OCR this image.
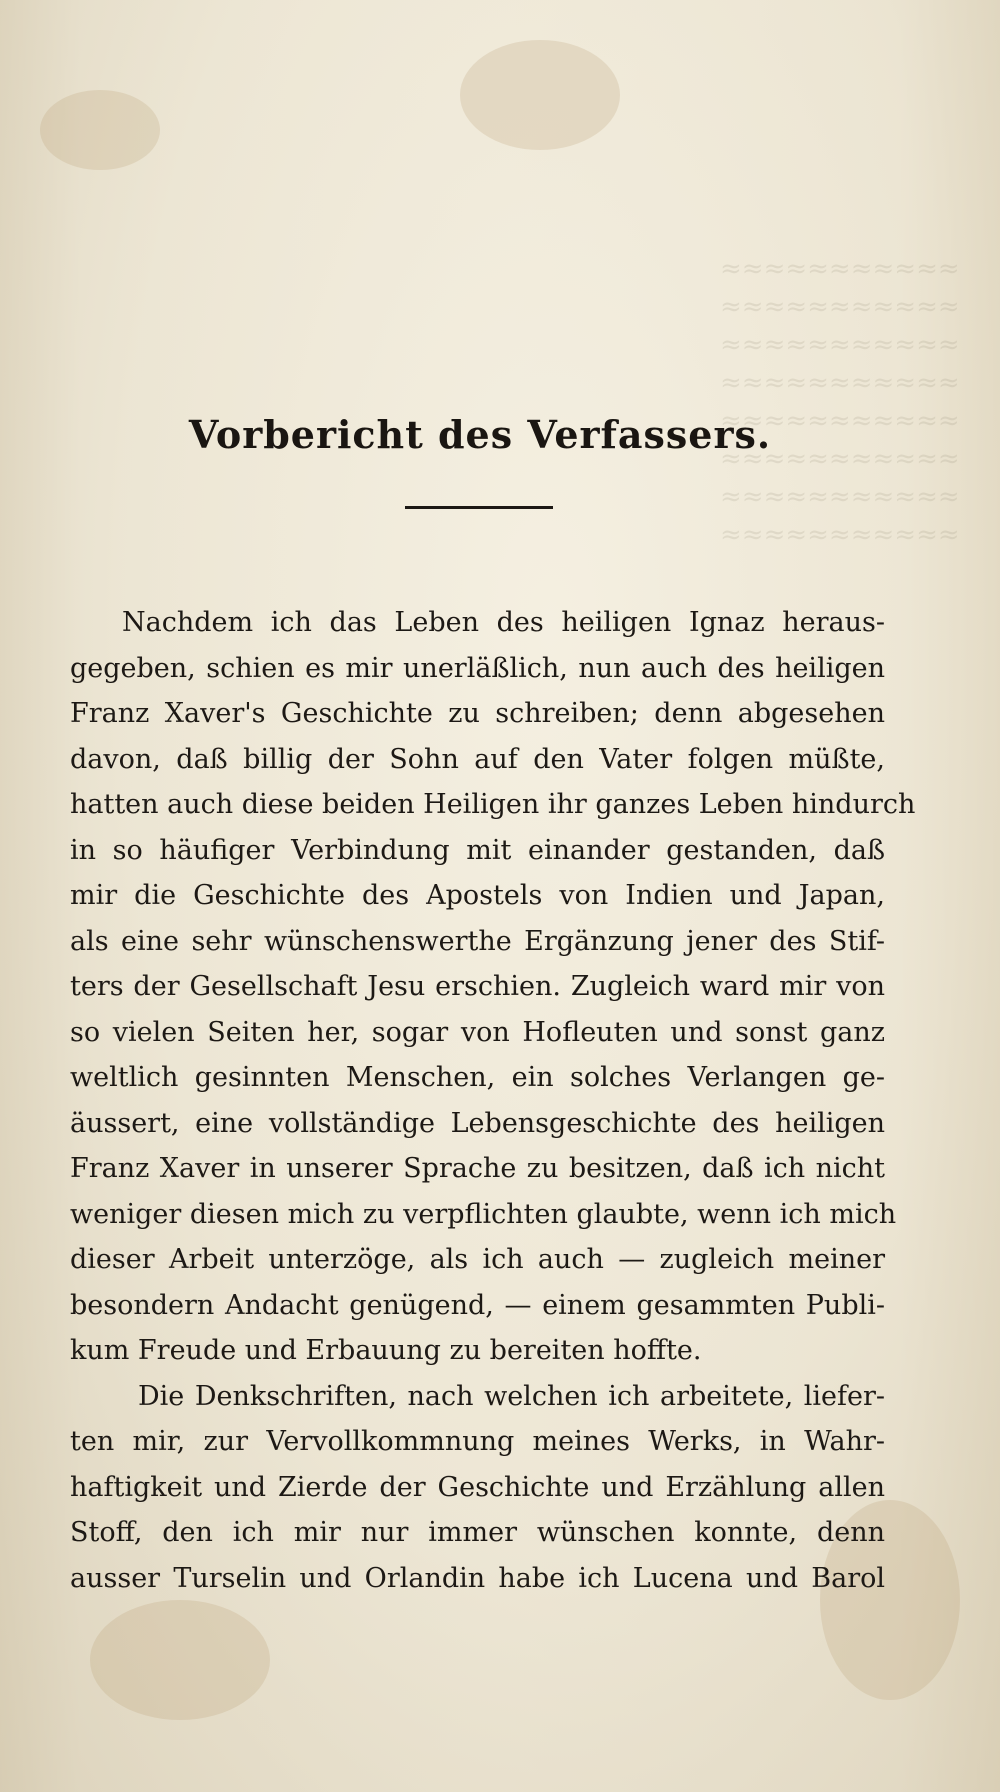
≈≈≈≈≈≈≈≈≈≈≈
≈≈≈≈≈≈≈≈≈≈≈
≈≈≈≈≈≈≈≈≈≈≈
≈≈≈≈≈≈≈≈≈≈≈
≈≈≈≈≈≈≈≈≈≈≈
≈≈≈≈≈≈≈≈≈≈≈
≈≈≈≈≈≈≈≈≈≈≈
≈≈≈≈≈≈≈≈≈≈≈
Vorbericht des Verfassers.
Nachdem ich das Leben des heiligen Ignaz heraus-
gegeben, schien es mir unerläßlich, nun auch des heiligen
Franz Xaver's Geschichte zu schreiben; denn abgesehen
davon, daß billig der Sohn auf den Vater folgen müßte,
hatten auch diese beiden Heiligen ihr ganzes Leben hindurch
in so häufiger Verbindung mit einander gestanden, daß
mir die Geschichte des Apostels von Indien und Japan,
als eine sehr wünschenswerthe Ergänzung jener des Stif-
ters der Gesellschaft Jesu erschien. Zugleich ward mir von
so vielen Seiten her, sogar von Hofleuten und sonst ganz
weltlich gesinnten Menschen, ein solches Verlangen ge-
äussert, eine vollständige Lebensgeschichte des heiligen
Franz Xaver in unserer Sprache zu besitzen, daß ich nicht
weniger diesen mich zu verpflichten glaubte, wenn ich mich
dieser Arbeit unterzöge, als ich auch — zugleich meiner
besondern Andacht genügend, — einem gesammten Publi-
kum Freude und Erbauung zu bereiten hoffte.
Die Denkschriften, nach welchen ich arbeitete, liefer-
ten mir, zur Vervollkommnung meines Werks, in Wahr-
haftigkeit und Zierde der Geschichte und Erzählung allen
Stoff, den ich mir nur immer wünschen konnte, denn
ausser Turselin und Orlandin habe ich Lucena und Barol
